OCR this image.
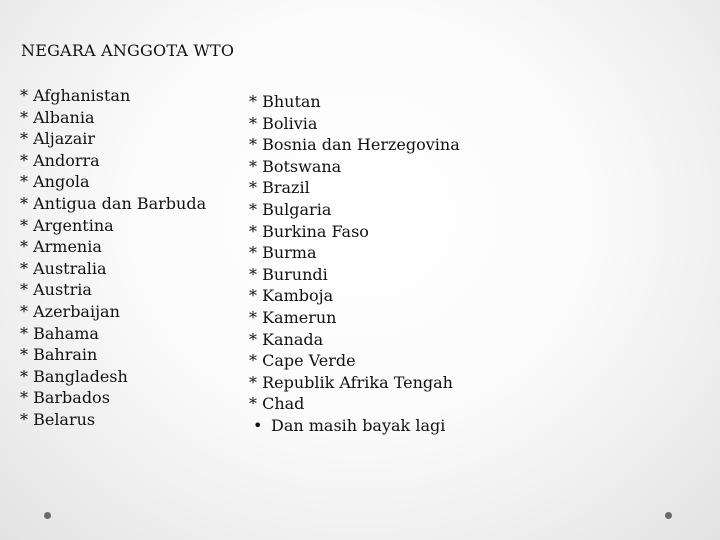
NEGARA ANGGOTA WTO
* Afghanistan
* Albania
* Aljazair
* Andorra
* Angola
* Antigua dan Barbuda
* Argentina
* Armenia
* Australia
* Austria
* Azerbaijan
* Bahama
* Bahrain
* Bangladesh
* Barbados
* Belarus
* Bhutan
* Bolivia
* Bosnia dan Herzegovina
* Botswana
* Brazil
* Bulgaria
* Burkina Faso
* Burma
* Burundi
* Kamboja
* Kamerun
* Kanada
* Cape Verde
* Republik Afrika Tengah
* Chad
• Dan masih bayak lagi
